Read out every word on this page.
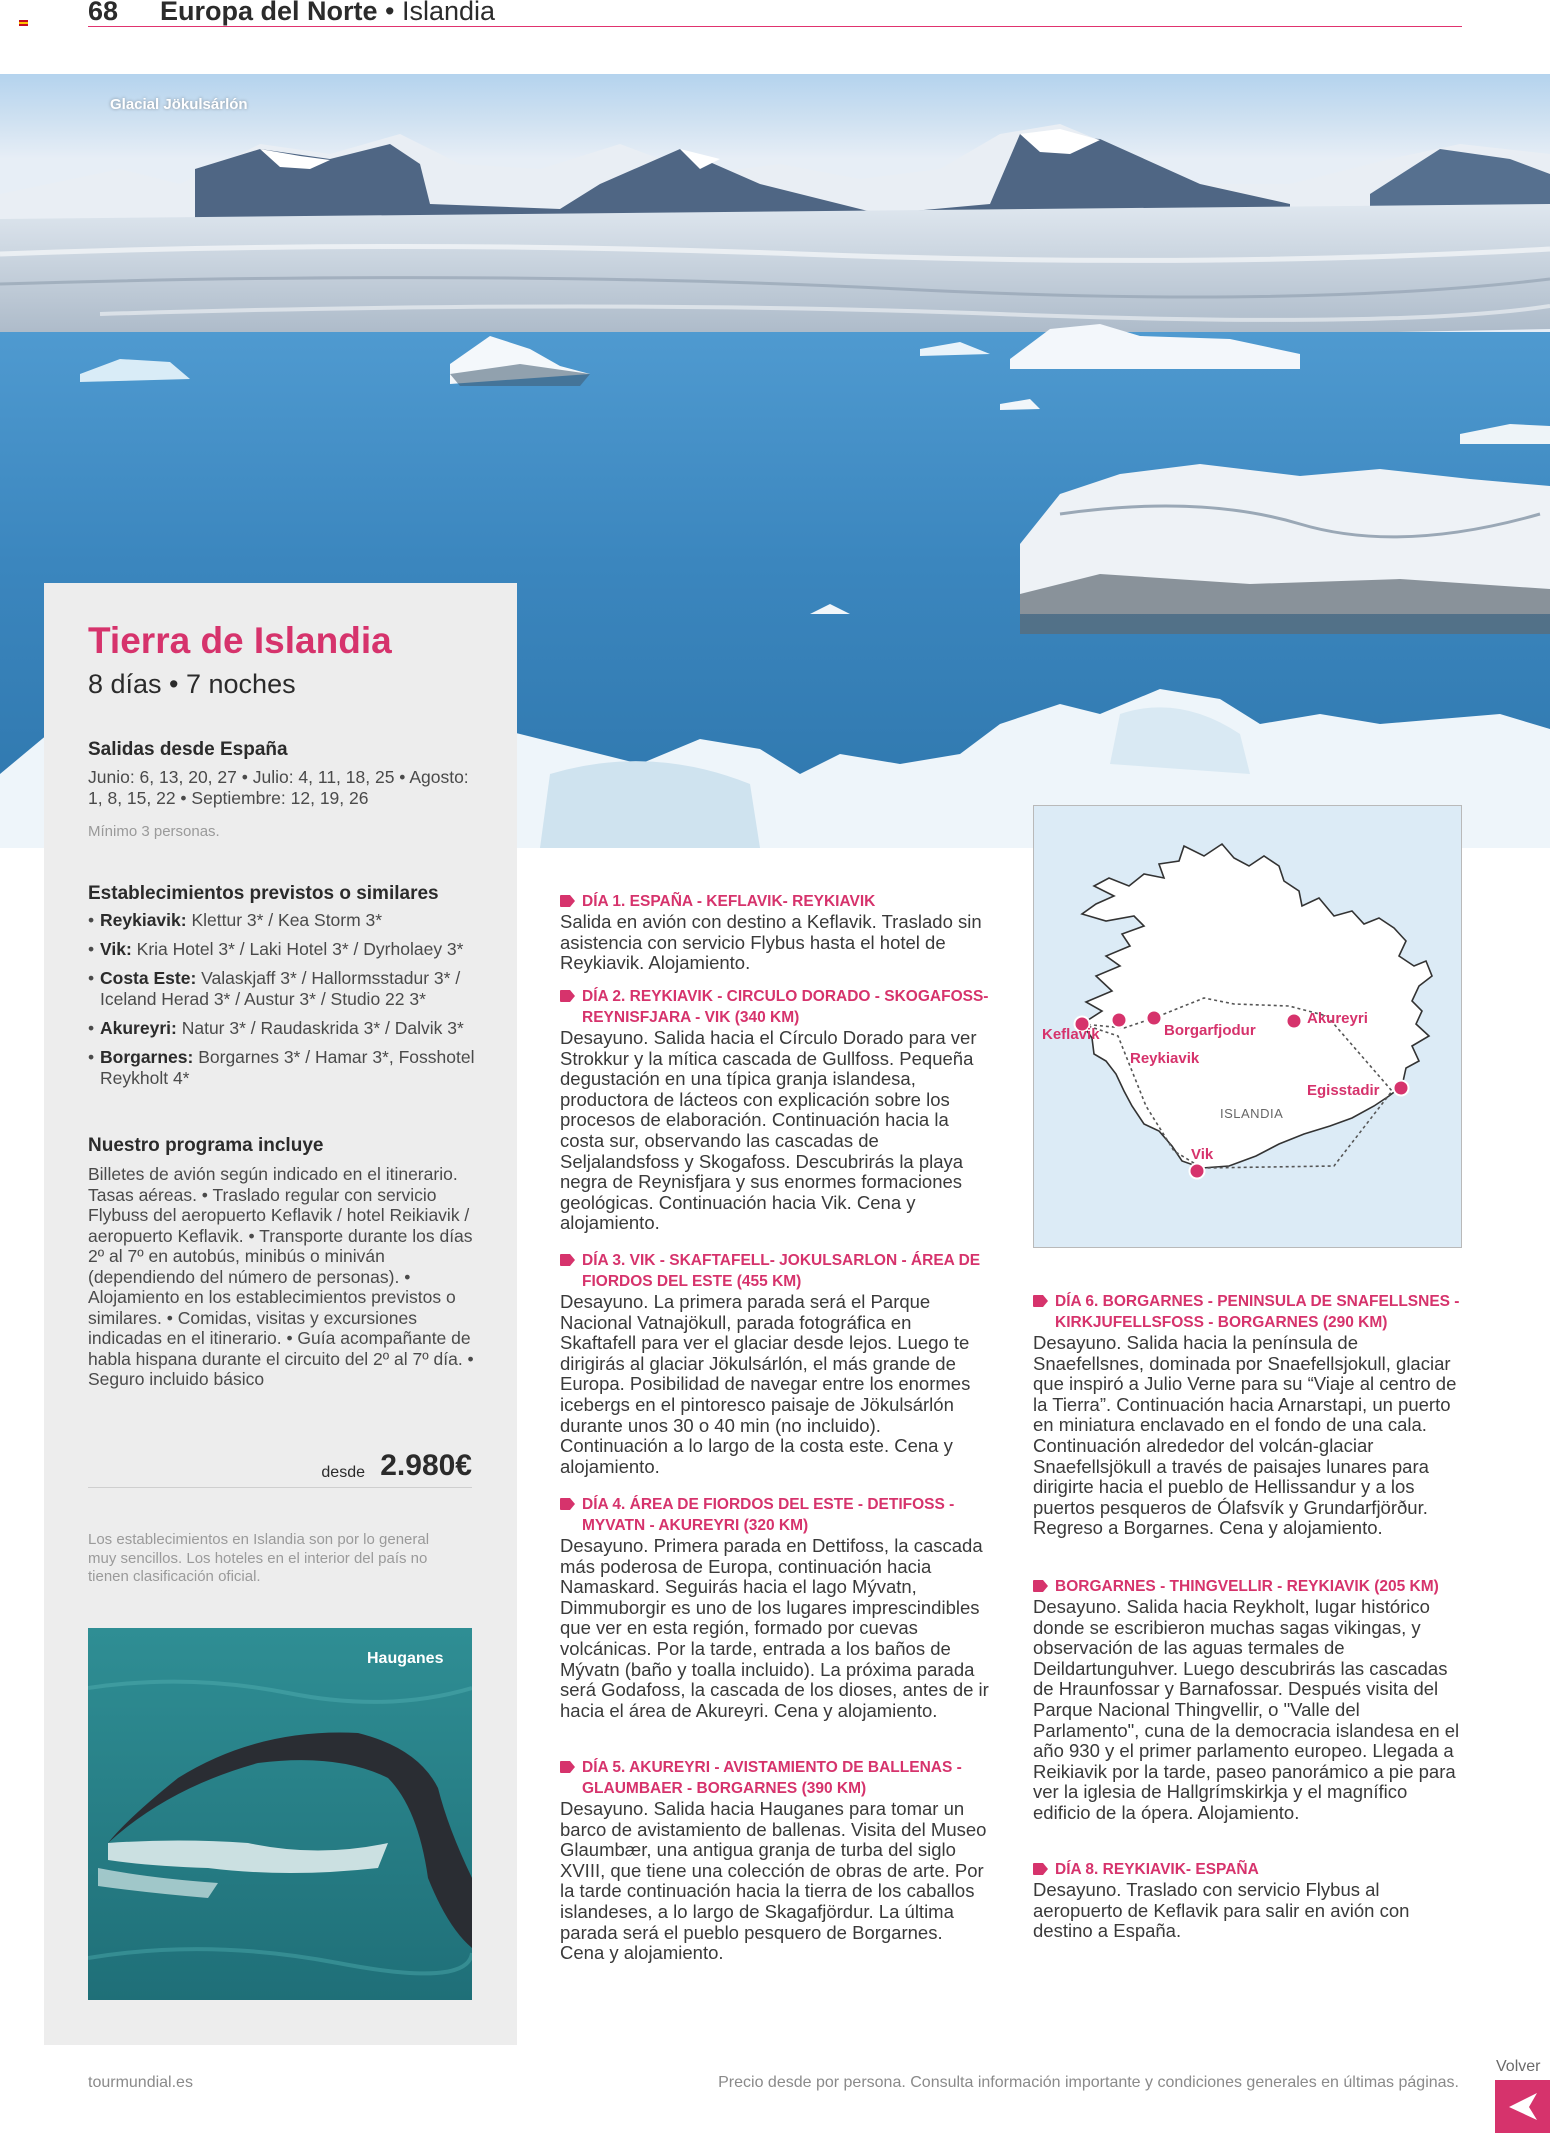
68 Europa del Norte • Islandia
Glacial Jökulsárlón
Tierra de Islandia
8 días • 7 noches
Salidas desde España
Junio: 6, 13, 20, 27 • Julio: 4, 11, 18, 25 • Agosto: 1, 8, 15, 22 • Septiembre: 12, 19, 26
Mínimo 3 personas.
Establecimientos previstos o similares
• Reykiavik: Klettur 3* / Kea Storm 3*
• Vik: Kria Hotel 3* / Laki Hotel 3* / Dyrholaey 3*
• Costa Este: Valaskjaff 3* / Hallormsstadur 3* / Iceland Herad 3* / Austur 3* / Studio 22 3*
• Akureyri: Natur 3* / Raudaskrida 3* / Dalvik 3*
• Borgarnes: Borgarnes 3* / Hamar 3*, Fosshotel Reykholt 4*
Nuestro programa incluye
Billetes de avión según indicado en el itinerario. Tasas aéreas. • Traslado regular con servicio Flybuss del aeropuerto Keflavik / hotel Reikiavik / aeropuerto Keflavik. • Transporte durante los días 2º al 7º en autobús, minibús o miniván (dependiendo del número de personas). • Alojamiento en los establecimientos previstos o similares. • Comidas, visitas y excursiones indicadas en el itinerario. • Guía acompañante de habla hispana durante el circuito del 2º al 7º día. • Seguro incluido básico
desde 2.980€
Los establecimientos en Islandia son por lo general muy sencillos. Los hoteles en el interior del país no tienen clasificación oficial.
Hauganes
Keflavik
Reykiavik
Borgarfjodur
Akureyri
Egisstadir
Vik
ISLANDIA
DÍA 1. ESPAÑA - KEFLAVIK- REYKIAVIK
Salida en avión con destino a Keflavik. Traslado sin asistencia con servicio Flybus hasta el hotel de Reykiavik. Alojamiento.
DÍA 2. REYKIAVIK - CIRCULO DORADO - SKOGAFOSS- REYNISFJARA - VIK (340 KM)
Desayuno. Salida hacia el Círculo Dorado para ver Strokkur y la mítica cascada de Gullfoss. Pequeña degustación en una típica granja islandesa, productora de lácteos con explicación sobre los procesos de elaboración. Continuación hacia la costa sur, observando las cascadas de Seljalandsfoss y Skogafoss. Descubrirás la playa negra de Reynisfjara y sus enormes formaciones geológicas. Continuación hacia Vik. Cena y alojamiento.
DÍA 3. VIK - SKAFTAFELL- JOKULSARLON - ÁREA DE FIORDOS DEL ESTE (455 KM)
Desayuno. La primera parada será el Parque Nacional Vatnajökull, parada fotográfica en Skaftafell para ver el glaciar desde lejos. Luego te dirigirás al glaciar Jökulsárlón, el más grande de Europa. Posibilidad de navegar entre los enormes icebergs en el pintoresco paisaje de Jökulsárlón durante unos 30 o 40 min (no incluido). Continuación a lo largo de la costa este. Cena y alojamiento.
DÍA 4. ÁREA DE FIORDOS DEL ESTE - DETIFOSS - MYVATN - AKUREYRI (320 KM)
Desayuno. Primera parada en Dettifoss, la cascada más poderosa de Europa, continuación hacia Namaskard. Seguirás hacia el lago Mývatn, Dimmuborgir es uno de los lugares imprescindibles que ver en esta región, formado por cuevas volcánicas. Por la tarde, entrada a los baños de Mývatn (baño y toalla incluido). La próxima parada será Godafoss, la cascada de los dioses, antes de ir hacia el área de Akureyri. Cena y alojamiento.
DÍA 5. AKUREYRI - AVISTAMIENTO DE BALLENAS - GLAUMBAER - BORGARNES (390 KM)
Desayuno. Salida hacia Hauganes para tomar un barco de avistamiento de ballenas. Visita del Museo Glaumbær, una antigua granja de turba del siglo XVIII, que tiene una colección de obras de arte. Por la tarde continuación hacia la tierra de los caballos islandeses, a lo largo de Skagafjördur. La última parada será el pueblo pesquero de Borgarnes. Cena y alojamiento.
DÍA 6. BORGARNES - PENINSULA DE SNAFELLSNES - KIRKJUFELLSFOSS - BORGARNES (290 KM)
Desayuno. Salida hacia la península de Snaefellsnes, dominada por Snaefellsjokull, glaciar que inspiró a Julio Verne para su “Viaje al centro de la Tierra”. Continuación hacia Arnarstapi, un puerto en miniatura enclavado en el fondo de una cala. Continuación alrededor del volcán-glaciar Snaefellsjökull a través de paisajes lunares para dirigirte hacia el pueblo de Hellissandur y a los puertos pesqueros de Ólafsvík y Grundarfjörður. Regreso a Borgarnes. Cena y alojamiento.
BORGARNES - THINGVELLIR - REYKIAVIK (205 KM)
Desayuno. Salida hacia Reykholt, lugar histórico donde se escribieron muchas sagas vikingas, y observación de las aguas termales de Deildartunguhver. Luego descubrirás las cascadas de Hraunfossar y Barnafossar. Después visita del Parque Nacional Thingvellir, o "Valle del Parlamento", cuna de la democracia islandesa en el año 930 y el primer parlamento europeo. Llegada a Reikiavik por la tarde, paseo panorámico a pie para ver la iglesia de Hallgrímskirkja y el magnífico edificio de la ópera. Alojamiento.
DÍA 8. REYKIAVIK- ESPAÑA
Desayuno. Traslado con servicio Flybus al aeropuerto de Keflavik para salir en avión con destino a España.
tourmundial.es	Precio desde por persona. Consulta información importante y condiciones generales en últimas páginas.
Volver
